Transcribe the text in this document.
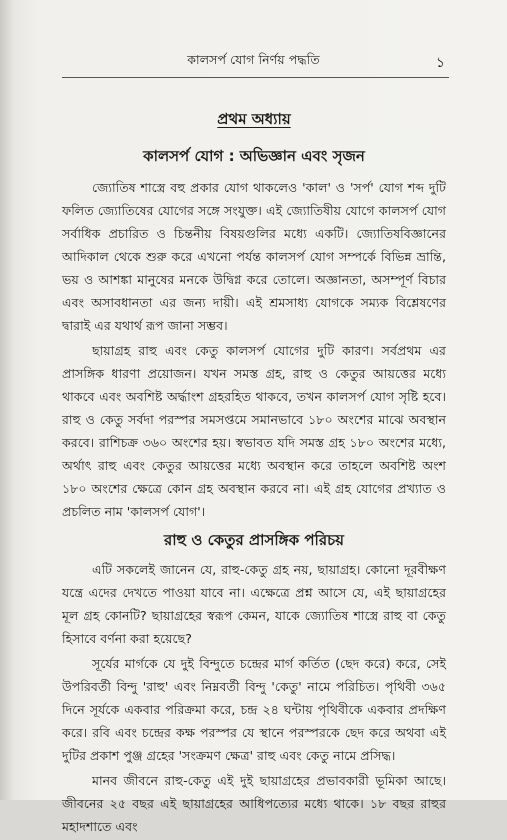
কালসর্প যোগ নির্ণয় পদ্ধতি	১
প্রথম অধ্যায়
কালসর্প যোগ : অভিজ্ঞান এবং সৃজন

জ্যোতিষ শাস্ত্রে বহু প্রকার যোগ থাকলেও 'কাল' ও 'সর্প' যোগ শব্দ দুটি ফলিত জ্যোতিষের যোগের সঙ্গে সংযুক্ত। এই জ্যোতিষীয় যোগে কালসর্প যোগ সর্বাধিক প্রচারিত ও চিন্তনীয় বিষয়গুলির মধ্যে একটি। জ্যোতিষবিজ্ঞানের আদিকাল থেকে শুরু করে এখনো পর্যন্ত কালসর্প যোগ সম্পর্কে বিভিন্ন ভ্রান্তি, ভয় ও আশঙ্কা মানুষের মনকে উদ্বিগ্ন করে তোলে। অজ্ঞানতা, অসম্পূর্ণ বিচার এবং অসাবধানতা এর জন্য দায়ী। এই শ্রমসাধ্য যোগকে সম্যক বিশ্লেষণের দ্বারাই এর যথার্থ রূপ জানা সম্ভব।

ছায়াগ্রহ রাহু এবং কেতু কালসর্প যোগের দুটি কারণ। সর্বপ্রথম এর প্রাসঙ্গিক ধারণা প্রয়োজন। যখন সমস্ত গ্রহ, রাহু ও কেতুর আয়ত্তের মধ্যে থাকবে এবং অবশিষ্ট অর্দ্ধাংশ গ্রহরহিত থাকবে, তখন কালসর্প যোগ সৃষ্টি হবে। রাহু ও কেতু সর্বদা পরস্পর সমসপ্তমে সমানভাবে ১৮০ অংশের মাঝে অবস্থান করবে। রাশিচক্র ৩৬০ অংশের হয়। স্বভাবত যদি সমস্ত গ্রহ ১৮০ অংশের মধ্যে, অর্থাৎ রাহু এবং কেতুর আয়ত্তের মধ্যে অবস্থান করে তাহলে অবশিষ্ট অংশ ১৮০ অংশের ক্ষেত্রে কোন গ্রহ অবস্থান করবে না। এই গ্রহ যোগের প্রখ্যাত ও প্রচলিত নাম 'কালসর্প যোগ'।

রাহু ও কেতুর প্রাসঙ্গিক পরিচয়

এটি সকলেই জানেন যে, রাহু-কেতু গ্রহ নয়, ছায়াগ্রহ। কোনো দূরবীক্ষণ যন্ত্রে এদের দেখতে পাওয়া যাবে না। এক্ষেত্রে প্রশ্ন আসে যে, এই ছায়াগ্রহের মূল গ্রহ কোনটি? ছায়াগ্রহের স্বরূপ কেমন, যাকে জ্যোতিষ শাস্ত্রে রাহু বা কেতু হিসাবে বর্ণনা করা হয়েছে?

সূর্যের মার্গকে যে দুই বিন্দুতে চন্দ্রের মার্গ কর্তিত (ছেদ করে) করে, সেই উপরিবর্তী বিন্দু 'রাহু' এবং নিম্নবর্তী বিন্দু 'কেতু' নামে পরিচিত। পৃথিবী ৩৬৫ দিনে সূর্যকে একবার পরিক্রমা করে, চন্দ্র ২৪ ঘন্টায় পৃথিবীকে একবার প্রদক্ষিণ করে। রবি এবং চন্দ্রের কক্ষ পরস্পর যে স্থানে পরস্পরকে ছেদ করে অথবা এই দুটির প্রকাশ পুঞ্জ গ্রহের 'সংক্রমণ ক্ষেত্র' রাহু এবং কেতু নামে প্রসিদ্ধ।

মানব জীবনে রাহু-কেতু এই দুই ছায়াগ্রহের প্রভাবকারী ভূমিকা আছে। জীবনের ২৫ বছর এই ছায়াগ্রহের আধিপত্যের মধ্যে থাকে। ১৮ বছর রাহুর মহাদশাতে এবং
